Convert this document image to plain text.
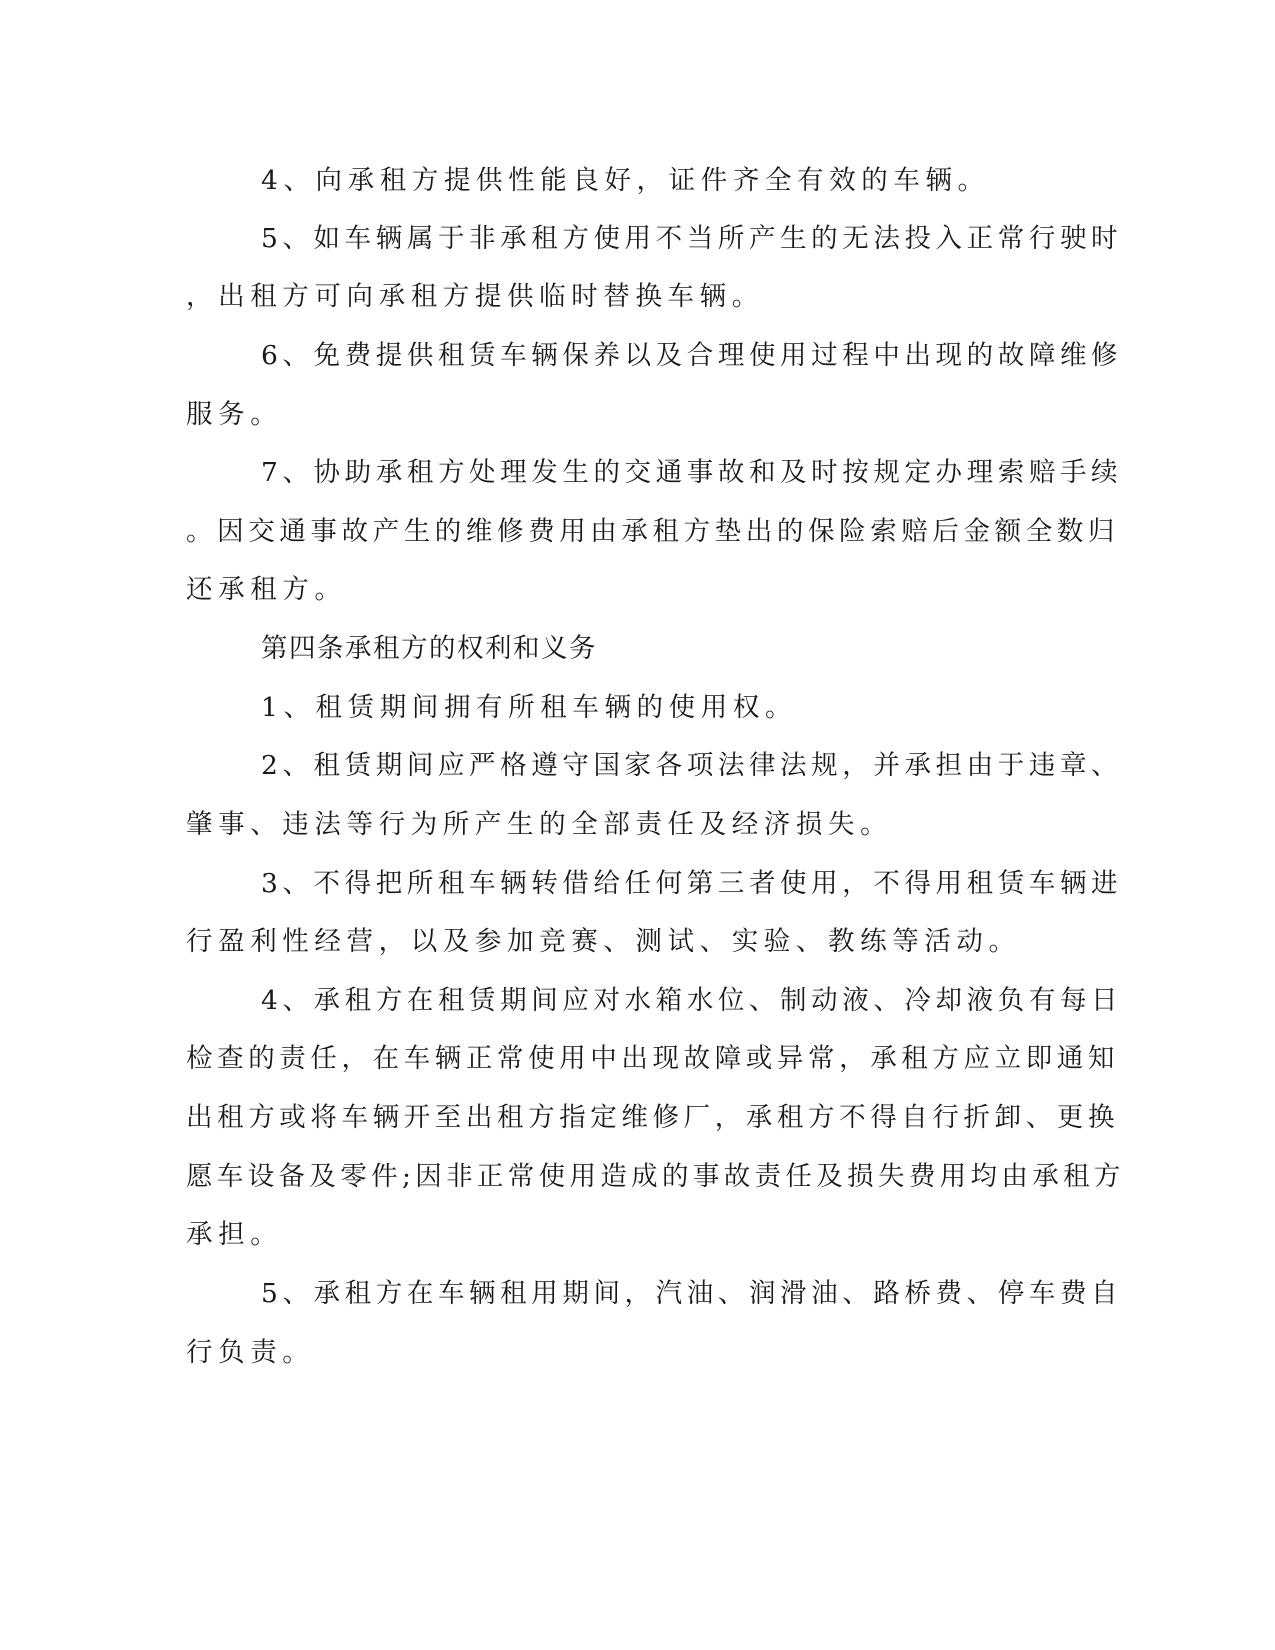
4、向承租方提供性能良好，证件齐全有效的车辆。
5、如车辆属于非承租方使用不当所产生的无法投入正常行驶时
，出租方可向承租方提供临时替换车辆。
6、免费提供租赁车辆保养以及合理使用过程中出现的故障维修
服务。
7、协助承租方处理发生的交通事故和及时按规定办理索赔手续
。因交通事故产生的维修费用由承租方垫出的保险索赔后金额全数归
还承租方。
第四条承租方的权利和义务
1、租赁期间拥有所租车辆的使用权。
2、租赁期间应严格遵守国家各项法律法规，并承担由于违章、
肇事、违法等行为所产生的全部责任及经济损失。
3、不得把所租车辆转借给任何第三者使用，不得用租赁车辆进
行盈利性经营，以及参加竞赛、测试、实验、教练等活动。
4、承租方在租赁期间应对水箱水位、制动液、冷却液负有每日
检查的责任，在车辆正常使用中出现故障或异常，承租方应立即通知
出租方或将车辆开至出租方指定维修厂，承租方不得自行折卸、更换
愿车设备及零件;因非正常使用造成的事故责任及损失费用均由承租方
承担。
5、承租方在车辆租用期间，汽油、润滑油、路桥费、停车费自
行负责。
